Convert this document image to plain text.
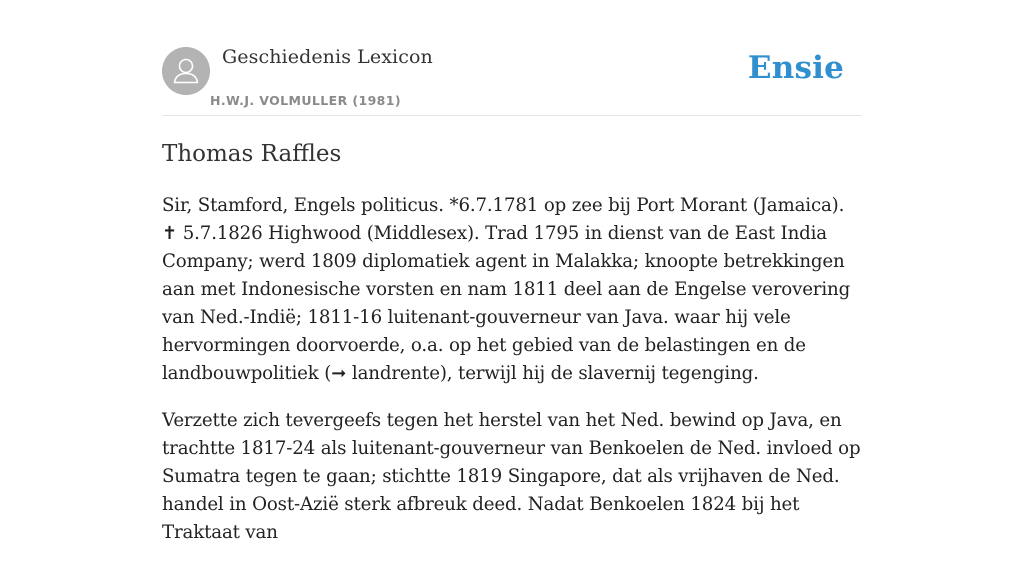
Geschiedenis Lexicon
H.W.J. VOLMULLER (1981)
Ensie
Thomas Raffles

Sir, Stamford, Engels politicus. *6.7.1781 op zee bij Port Morant (Jamaica). ✝ 5.7.1826 Highwood (Middlesex). Trad 1795 in dienst van de East India Company; werd 1809 diplomatiek agent in Malakka; knoopte betrekkingen aan met Indonesische vorsten en nam 1811 deel aan de Engelse verovering van Ned.-Indië; 1811-16 luitenant-gouverneur van Java. waar hij vele hervormingen doorvoerde, o.a. op het gebied van de belastingen en de landbouwpolitiek (➞ landrente), terwijl hij de slavernij tegenging.

Verzette zich tevergeefs tegen het herstel van het Ned. bewind op Java, en trachtte 1817-24 als luitenant-gouverneur van Benkoelen de Ned. invloed op Sumatra tegen te gaan; stichtte 1819 Singapore, dat als vrijhaven de Ned. handel in Oost-Azië sterk afbreuk deed. Nadat Benkoelen 1824 bij het Traktaat van
